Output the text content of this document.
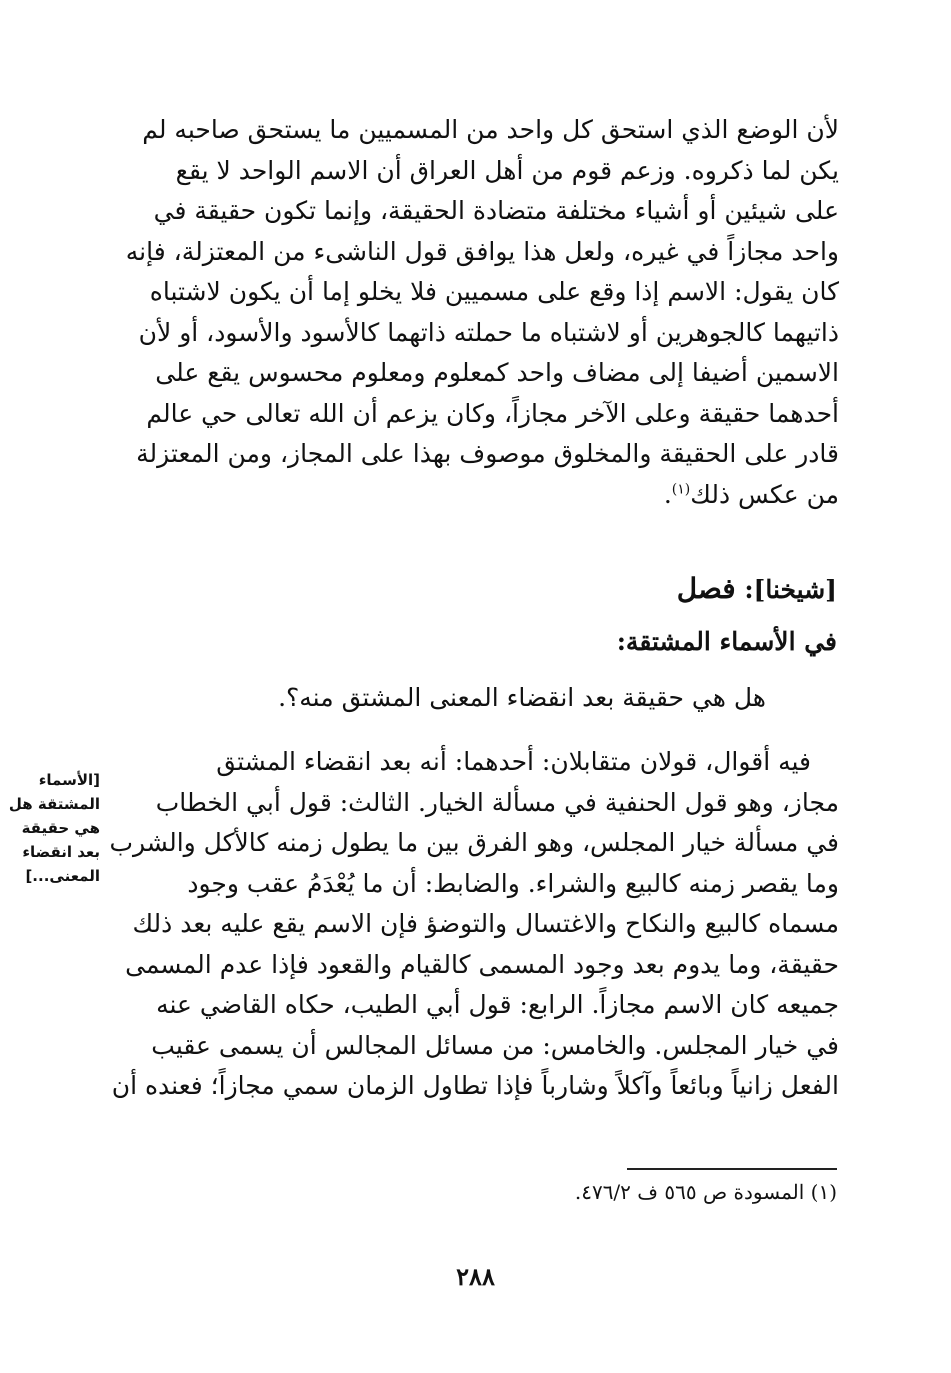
لأن الوضع الذي استحق كل واحد من المسميين ما يستحق صاحبه لم
يكن لما ذكروه. وزعم قوم من أهل العراق أن الاسم الواحد لا يقع
على شيئين أو أشياء مختلفة متضادة الحقيقة، وإنما تكون حقيقة في
واحد مجازاً في غيره، ولعل هذا يوافق قول الناشىء من المعتزلة، فإنه
كان يقول: الاسم إذا وقع على مسميين فلا يخلو إما أن يكون لاشتباه
ذاتيهما كالجوهرين أو لاشتباه ما حملته ذاتهما كالأسود والأسود، أو لأن
الاسمين أضيفا إلى مضاف واحد كمعلوم ومعلوم محسوس يقع على
أحدهما حقيقة وعلى الآخر مجازاً، وكان يزعم أن الله تعالى حي عالم
قادر على الحقيقة والمخلوق موصوف بهذا على المجاز، ومن المعتزلة
من عكس ذلك$^{(١)}$.
[شيخنا]: فصل
في الأسماء المشتقة:
هل هي حقيقة بعد انقضاء المعنى المشتق منه؟.
فيه أقوال، قولان متقابلان: أحدهما: أنه بعد انقضاء المشتق
مجاز، وهو قول الحنفية في مسألة الخيار. الثالث: قول أبي الخطاب
في مسألة خيار المجلس، وهو الفرق بين ما يطول زمنه كالأكل والشرب
وما يقصر زمنه كالبيع والشراء. والضابط: أن ما يُعْدَمُ عقب وجود
مسماه كالبيع والنكاح والاغتسال والتوضؤ فإن الاسم يقع عليه بعد ذلك
حقيقة، وما يدوم بعد وجود المسمى كالقيام والقعود فإذا عدم المسمى
جميعه كان الاسم مجازاً. الرابع: قول أبي الطيب، حكاه القاضي عنه
في خيار المجلس. والخامس: من مسائل المجالس أن يسمى عقيب
الفعل زانياً وبائعاً وآكلاً وشارباً فإذا تطاول الزمان سمي مجازاً؛ فعنده أن
[الأسماء
المشتقة هل
هي حقيقة
بعد انقضاء
المعنى...]
(١) المسودة ص ٥٦٥ ف ٤٧٦/٢.
٢٨٨
